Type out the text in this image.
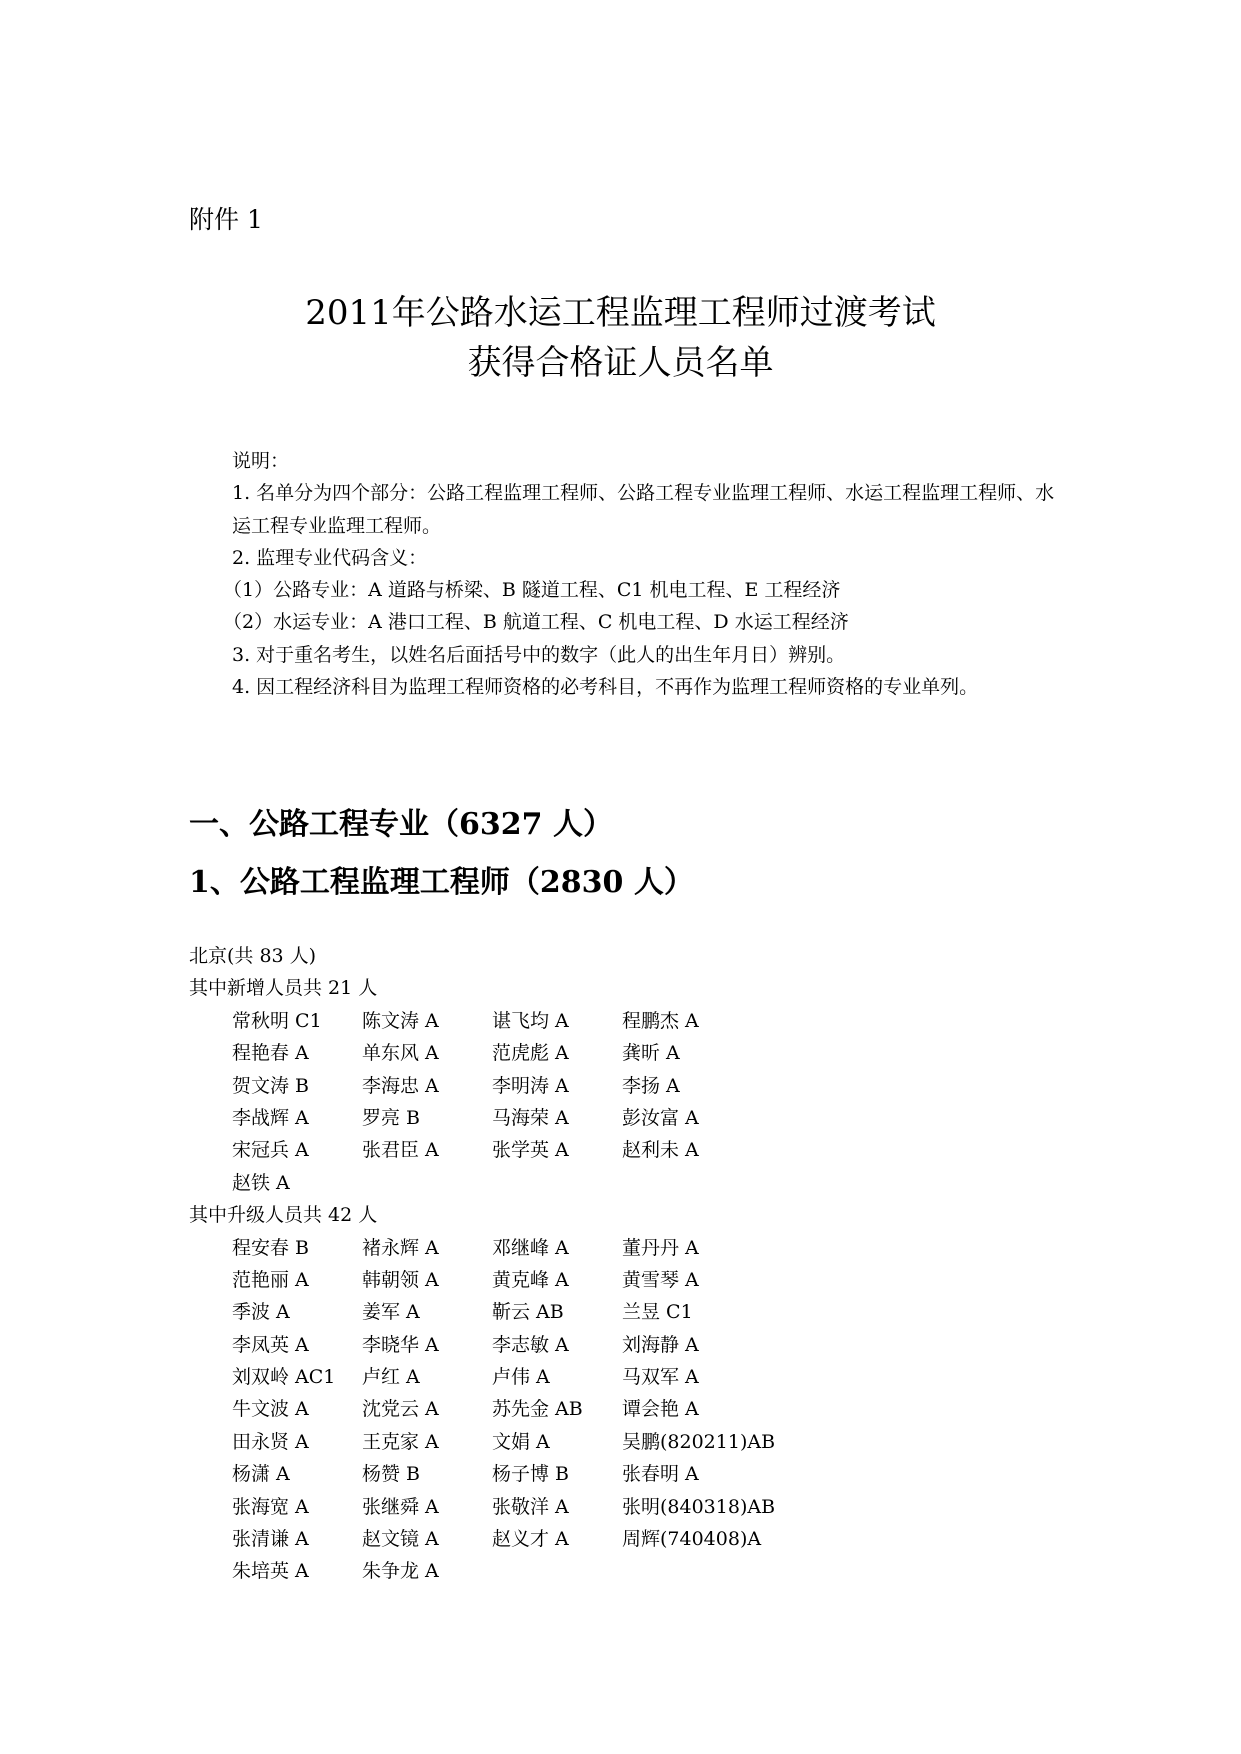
附件 1
2011年公路水运工程监理工程师过渡考试
获得合格证人员名单

说明：

1. 名单分为四个部分：公路工程监理工程师、公路工程专业监理工程师、水运工程监理工程师、水运工程专业监理工程师。

2. 监理专业代码含义：

（1）公路专业：A 道路与桥梁、B 隧道工程、C1 机电工程、E 工程经济

（2）水运专业：A 港口工程、B 航道工程、C 机电工程、D 水运工程经济

3. 对于重名考生，以姓名后面括号中的数字（此人的出生年月日）辨别。

4. 因工程经济科目为监理工程师资格的必考科目，不再作为监理工程师资格的专业单列。

一、公路工程专业（6327 人）
1、公路工程监理工程师（2830 人）
北京(共 83 人)
其中新增人员共 21 人
常秋明 C1	陈文涛 A	谌飞均 A	程鹏杰 A
程艳春 A	单东风 A	范虎彪 A	龚昕 A
贺文涛 B	李海忠 A	李明涛 A	李扬 A
李战辉 A	罗亮 B	马海荣 A	彭汝富 A
宋冠兵 A	张君臣 A	张学英 A	赵利未 A
赵铁 A
其中升级人员共 42 人
程安春 B	褚永辉 A	邓继峰 A	董丹丹 A
范艳丽 A	韩朝领 A	黄克峰 A	黄雪琴 A
季波 A	姜军 A	靳云 AB	兰昱 C1
李凤英 A	李晓华 A	李志敏 A	刘海静 A
刘双岭 AC1	卢红 A	卢伟 A	马双军 A
牛文波 A	沈党云 A	苏先金 AB	谭会艳 A
田永贤 A	王克家 A	文娟 A	吴鹏(820211)AB
杨潇 A	杨赞 B	杨子博 B	张春明 A
张海宽 A	张继舜 A	张敬洋 A	张明(840318)AB
张清谦 A	赵文镜 A	赵义才 A	周辉(740408)A
朱培英 A	朱争龙 A
